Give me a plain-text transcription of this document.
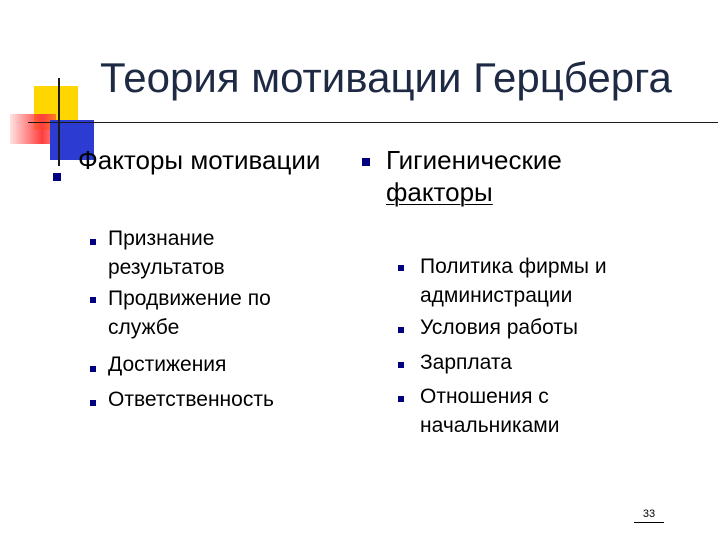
Теория мотивации Герцберга
Факторы мотивации
Признание
результатов
Продвижение по
службе
Достижения
Ответственность
Гигиенические
факторы
Политика фирмы и
администрации
Условия работы
Зарплата
Отношения с
начальниками
33
